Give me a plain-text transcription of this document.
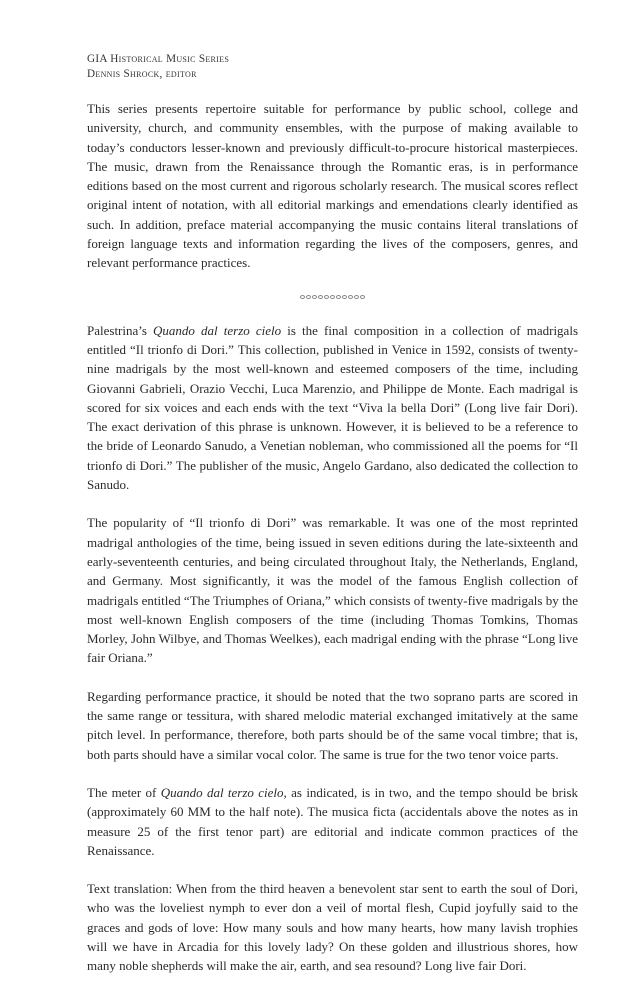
GIA Historical Music Series
Dennis Shrock, editor

This series presents repertoire suitable for performance by public school, college and university, church, and community ensembles, with the purpose of making available to today’s conductors lesser-known and previously difficult-to-procure historical masterpieces. The music, drawn from the Renaissance through the Romantic eras, is in performance editions based on the most current and rigorous scholarly research. The musical scores reflect original intent of notation, with all editorial markings and emendations clearly identified as such. In addition, preface material accompanying the music contains literal translations of foreign language texts and information regarding the lives of the composers, genres, and relevant performance practices.

Palestrina’s Quando dal terzo cielo is the final composition in a collection of madrigals entitled “Il trionfo di Dori.” This collection, published in Venice in 1592, consists of twenty-nine madrigals by the most well-known and esteemed composers of the time, including Giovanni Gabrieli, Orazio Vecchi, Luca Marenzio, and Philippe de Monte. Each madrigal is scored for six voices and each ends with the text “Viva la bella Dori” (Long live fair Dori). The exact derivation of this phrase is unknown. However, it is believed to be a reference to the bride of Leonardo Sanudo, a Venetian nobleman, who commissioned all the poems for “Il trionfo di Dori.” The publisher of the music, Angelo Gardano, also dedicated the collection to Sanudo.

The popularity of “Il trionfo di Dori” was remarkable. It was one of the most reprinted madrigal anthologies of the time, being issued in seven editions during the late-sixteenth and early-seventeenth centuries, and being circulated throughout Italy, the Netherlands, England, and Germany. Most significantly, it was the model of the famous English collection of madrigals entitled “The Triumphes of Oriana,” which consists of twenty-five madrigals by the most well-known English composers of the time (including Thomas Tomkins, Thomas Morley, John Wilbye, and Thomas Weelkes), each madrigal ending with the phrase “Long live fair Oriana.”

Regarding performance practice, it should be noted that the two soprano parts are scored in the same range or tessitura, with shared melodic material exchanged imitatively at the same pitch level. In performance, therefore, both parts should be of the same vocal timbre; that is, both parts should have a similar vocal color. The same is true for the two tenor voice parts.

The meter of Quando dal terzo cielo, as indicated, is in two, and the tempo should be brisk (approximately 60 MM to the half note). The musica ficta (accidentals above the notes as in measure 25 of the first tenor part) are editorial and indicate common practices of the Renaissance.

Text translation: When from the third heaven a benevolent star sent to earth the soul of Dori, who was the loveliest nymph to ever don a veil of mortal flesh, Cupid joyfully said to the graces and gods of love: How many souls and how many hearts, how many lavish trophies will we have in Arcadia for this lovely lady? On these golden and illustrious shores, how many noble shepherds will make the air, earth, and sea resound? Long live fair Dori.
